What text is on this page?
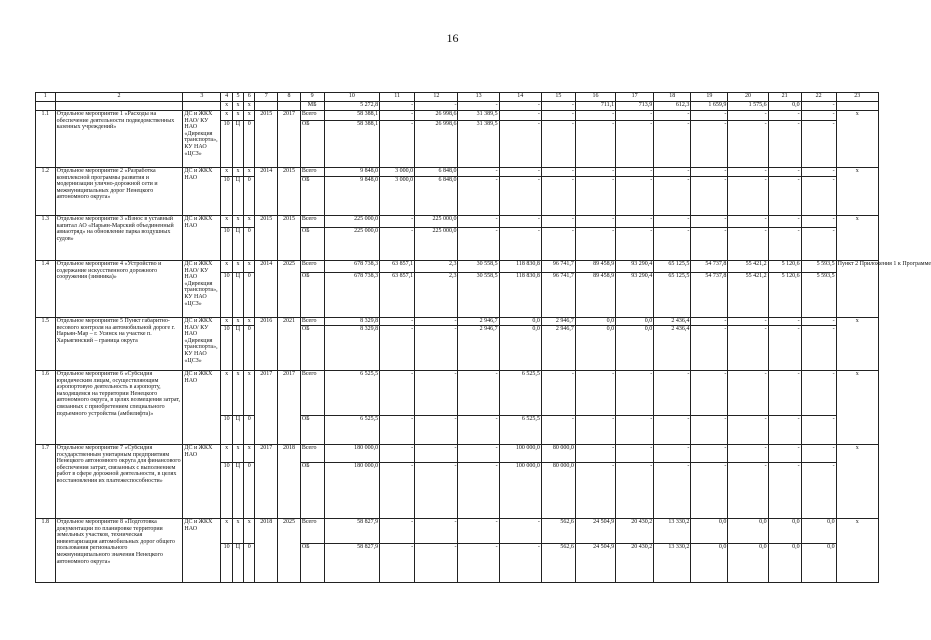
16
1	2	3	4	5	6	7	8	9	10	11	12	13	14	15	16	17	18	19	20	21	22	23
			x	x	x			МБ	5 272,8	-	-	-	-	-	711,1	713,9	612,3	1 659,9	1 575,6	0,0	-	
1.1	Отдельное мероприятие 1 «Расходы на обеспечение деятельности подведомственных казенных учреждений»	ДС и ЖКХ НАО/ КУ НАО «Дирекция транспорта», КУ НАО «ЦСЗ»	x	x	x	2015	2017	Всего	58 388,1	-	26 998,6	31 389,5	-	-	-	-	-	-	-	-	-	x
			10	Ц	0			ОБ	58 388,1	-	26 998,6	31 389,5	-	-	-	-	-	-	-	-	-	
1.2	Отдельное мероприятие 2 «Разработка комплексной программы развития и модернизации улично-дорожной сети и межмуниципальных дорог Ненецкого автономного округа»	ДС и ЖКХ НАО	x	x	x	2014	2015	Всего	9 848,0	3 000,0	6 848,0	-	-	-	-	-	-	-	-	-	-	x
			10	Ц	0			ОБ	9 848,0	3 000,0	6 848,0	-	-	-	-	-	-	-	-	-	-	
1.3	Отдельное мероприятие 3 «Взнос в уставный капитал АО «Нарьян-Марский объединенный авиаотряд» на обновление парка воздушных судов»	ДС и ЖКХ НАО	x	x	x	2015	2015	Всего	225 000,0	-	225 000,0	-	-	-	-	-	-	-	-	-	-	x
			10	Ц	0			ОБ	225 000,0	-	225 000,0	-	-	-	-	-	-	-	-	-	-	
1.4	Отдельное мероприятие 4 «Устройство и содержание искусственного дорожного сооружения (зимника)»	ДС и ЖКХ НАО/ КУ НАО «Дирекция транспорта», КУ НАО «ЦСЗ»	x	x	x	2014	2025	Всего	678 738,3	63 857,1	2,3	30 558,5	118 830,8	96 741,7	89 458,9	93 290,4	65 125,5	54 737,8	55 421,2	5 120,6	5 593,5	Пункт 2 Приложения 1 к Программе
			10	Ц	0			ОБ	678 738,3	63 857,1	2,3	30 558,5	118 830,8	96 741,7	89 458,9	93 290,4	65 125,5	54 737,8	55 421,2	5 120,6	5 593,5	
1.5	Отдельное мероприятие 5 Пункт габаритно-весового контроля на автомобильной дороге г. Нарьян-Мар – г. Усинск на участке п. Харьягинский – граница округа	ДС и ЖКХ НАО/ КУ НАО «Дирекция транспорта», КУ НАО «ЦСЗ»	x	x	x	2016	2021	Всего	8 329,8	-	-	2 946,7	0,0	2 946,7	0,0	0,0	2 436,4	-	-	-	-	x
			10	Ц	0			ОБ	8 329,8	-	-	2 946,7	0,0	2 946,7	0,0	0,0	2 436,4	-	-	-	-	
1.6	Отдельное мероприятие 6 «Субсидия юридическим лицам, осуществляющим аэропортовую деятельность в аэропорту, находящемся на территории Ненецкого автономного округа, в целях возмещения затрат, связанных с приобретением специального подъемного устройства (амбилифта)»	ДС и ЖКХ НАО	x	x	x	2017	2017	Всего	6 525,5	-	-	-	6 525,5	-	-	-	-	-	-	-	-	x
			10	Ц	0			ОБ	6 525,5	-	-	-	6 525,5	-	-	-	-	-	-	-	-	
1.7	Отдельное мероприятие 7 «Субсидия государственным унитарным предприятиям Ненецкого автономного округа для финансового обеспечения затрат, связанных с выполнением работ в сфере дорожной деятельности, в целях восстановления их платежеспособности»	ДС и ЖКХ НАО	x	x	x	2017	2018	Всего	180 000,0	-	-	-	100 000,0	80 000,0	-	-	-	-	-	-	-	x
			10	Ц	0			ОБ	180 000,0	-	-	-	100 000,0	80 000,0	-	-	-	-	-	-	-	
1.8	Отдельное мероприятие 8 «Подготовка документации по планировке территории земельных участков, техническая инвентаризация автомобильных дорог общего пользования регионального межмуниципального значения Ненецкого автономного округа»	ДС и ЖКХ НАО	x	x	x	2018	2025	Всего	58 827,9	-	-	-	-	562,6	24 504,9	20 430,2	13 330,2	0,0	0,0	0,0	0,0	x
			10	Ц	0			ОБ	58 827,9	-	-	-	-	562,6	24 504,9	20 430,2	13 330,2	0,0	0,0	0,0	0,0	
